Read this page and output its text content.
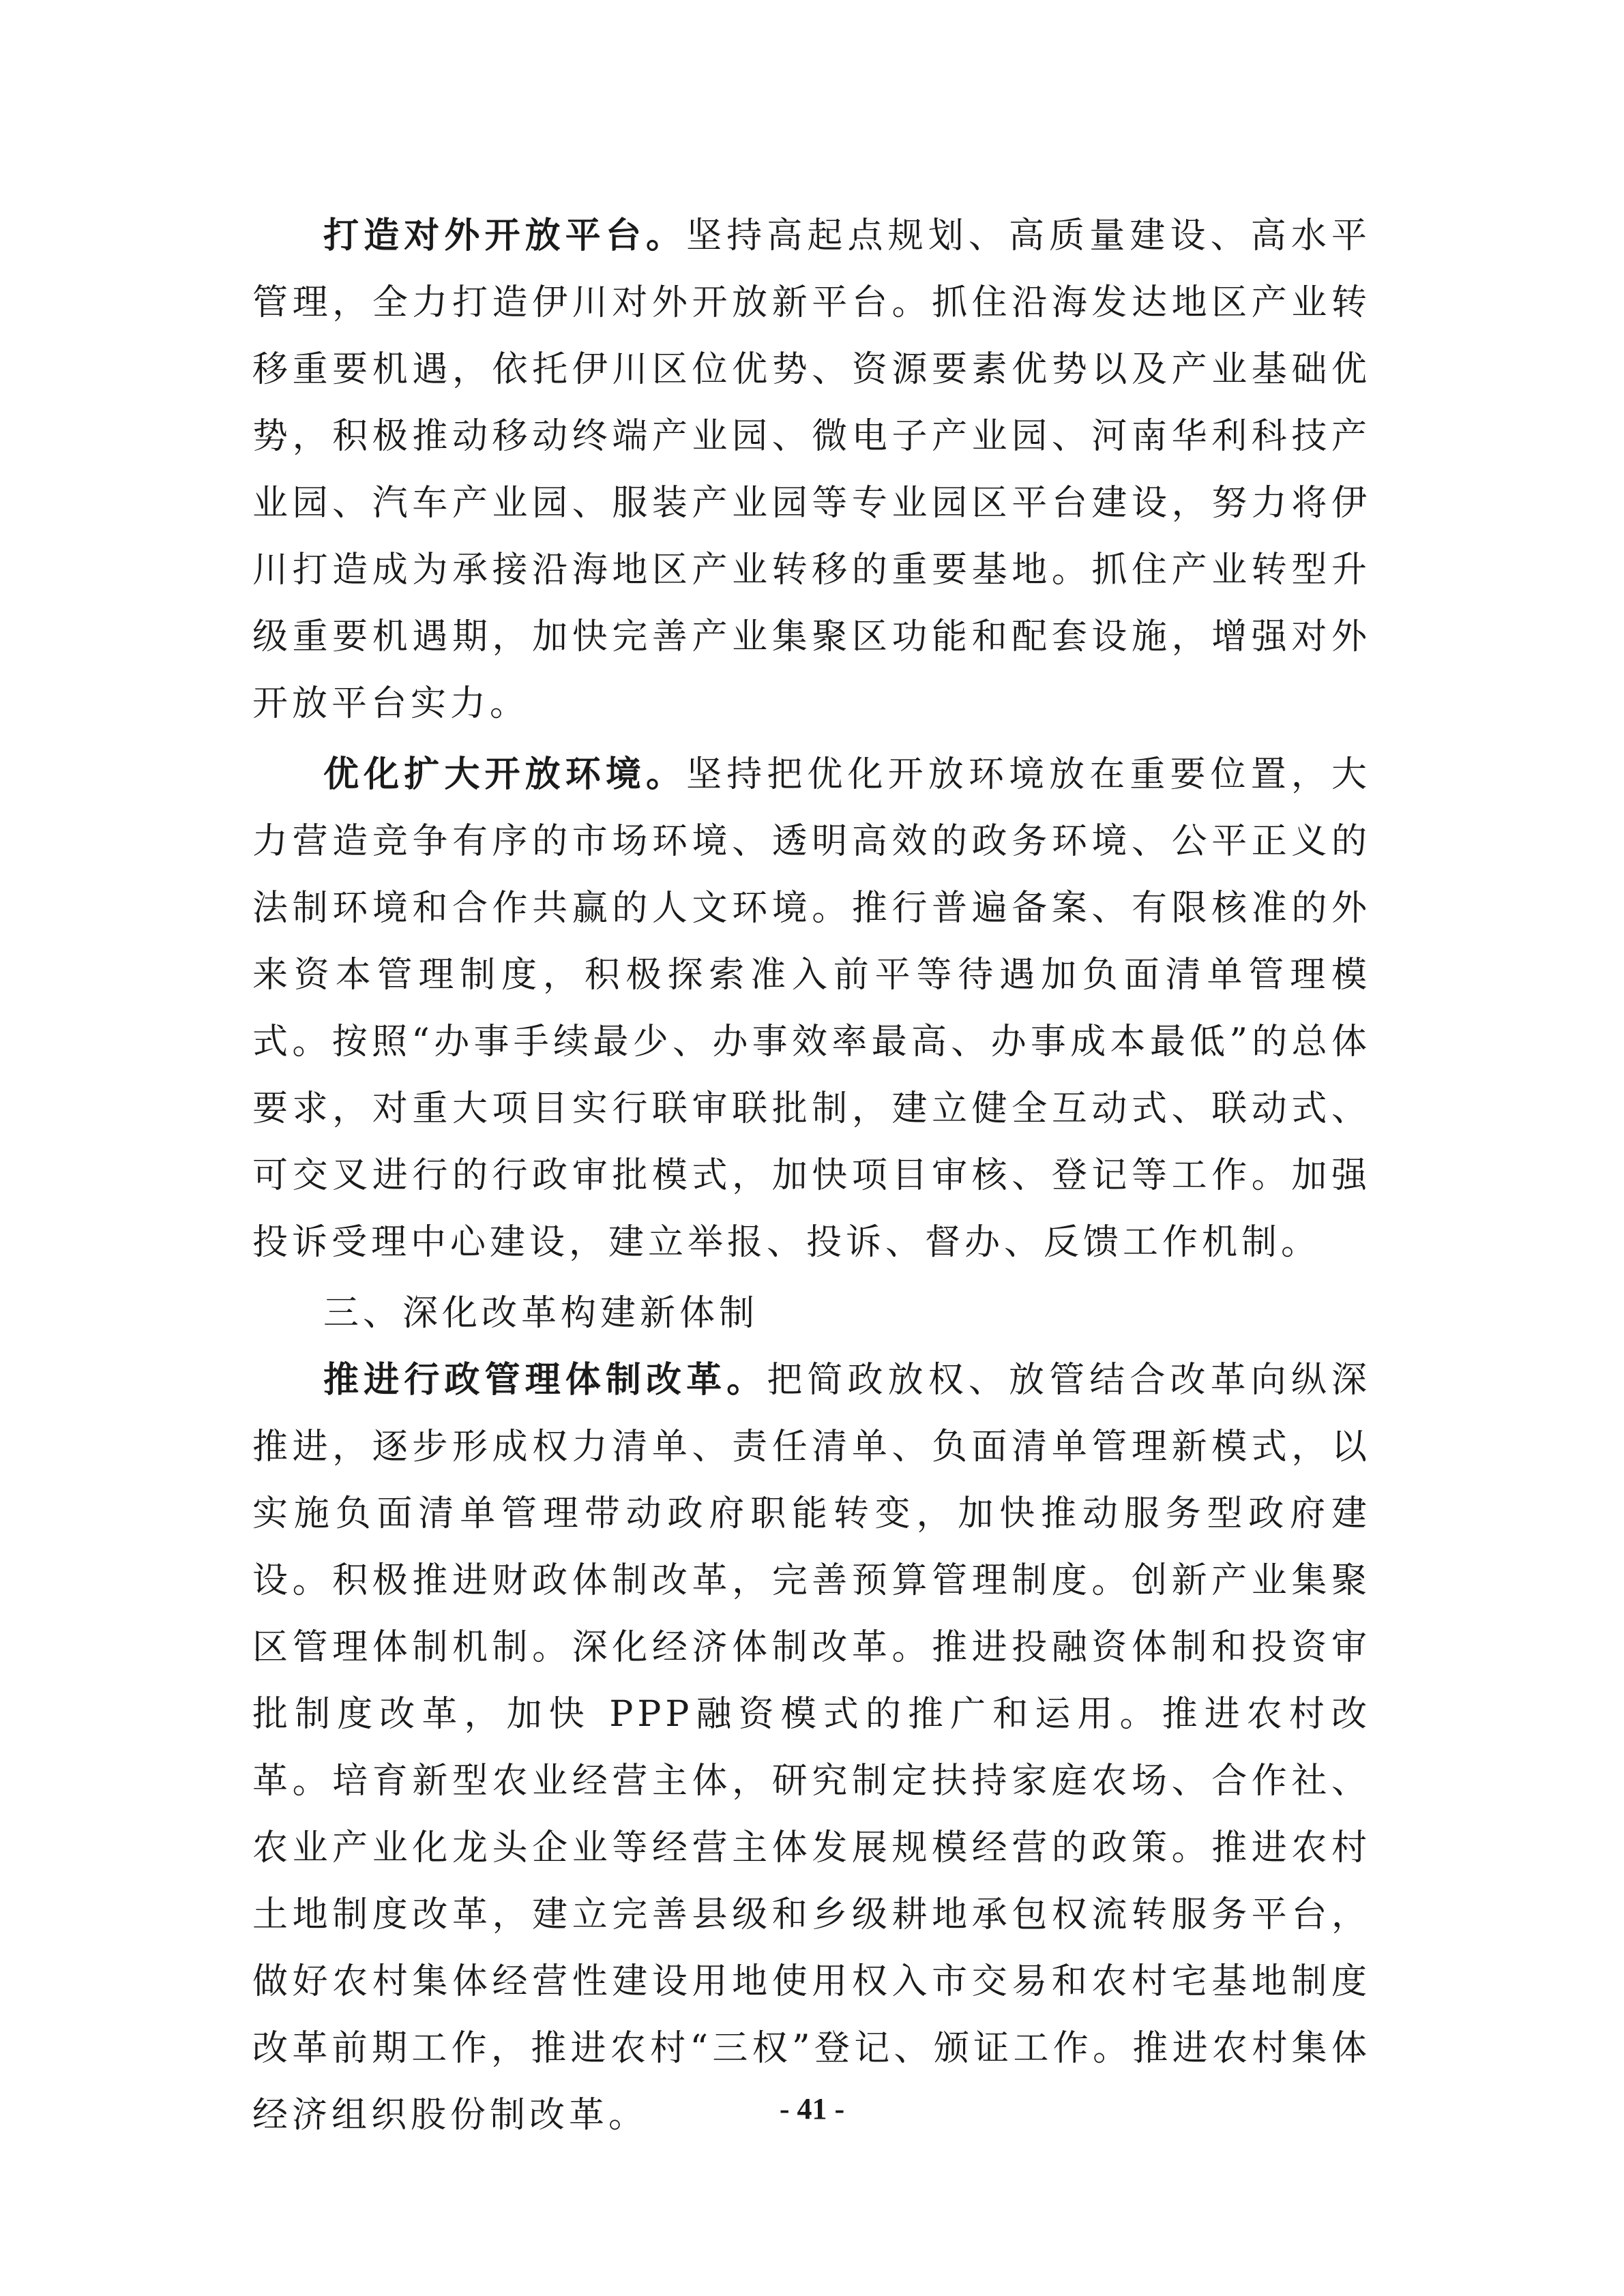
打造对外开放平台。坚持高起点规划、高质量建设、高水平管理，全力打造伊川对外开放新平台。抓住沿海发达地区产业转移重要机遇，依托伊川区位优势、资源要素优势以及产业基础优势，积极推动移动终端产业园、微电子产业园、河南华利科技产业园、汽车产业园、服装产业园等专业园区平台建设，努力将伊川打造成为承接沿海地区产业转移的重要基地。抓住产业转型升级重要机遇期，加快完善产业集聚区功能和配套设施，增强对外开放平台实力。

优化扩大开放环境。坚持把优化开放环境放在重要位置，大力营造竞争有序的市场环境、透明高效的政务环境、公平正义的法制环境和合作共赢的人文环境。推行普遍备案、有限核准的外来资本管理制度，积极探索准入前平等待遇加负面清单管理模式。按照“办事手续最少、办事效率最高、办事成本最低”的总体要求，对重大项目实行联审联批制，建立健全互动式、联动式、可交叉进行的行政审批模式，加快项目审核、登记等工作。加强投诉受理中心建设，建立举报、投诉、督办、反馈工作机制。

三、深化改革构建新体制

推进行政管理体制改革。把简政放权、放管结合改革向纵深推进，逐步形成权力清单、责任清单、负面清单管理新模式，以实施负面清单管理带动政府职能转变，加快推动服务型政府建设。积极推进财政体制改革，完善预算管理制度。创新产业集聚区管理体制机制。深化经济体制改革。推进投融资体制和投资审批制度改革，加快 PPP融资模式的推广和运用。推进农村改革。培育新型农业经营主体，研究制定扶持家庭农场、合作社、农业产业化龙头企业等经营主体发展规模经营的政策。推进农村土地制度改革，建立完善县级和乡级耕地承包权流转服务平台，做好农村集体经营性建设用地使用权入市交易和农村宅基地制度改革前期工作，推进农村“三权”登记、颁证工作。推进农村集体经济组织股份制改革。	- 41 -
